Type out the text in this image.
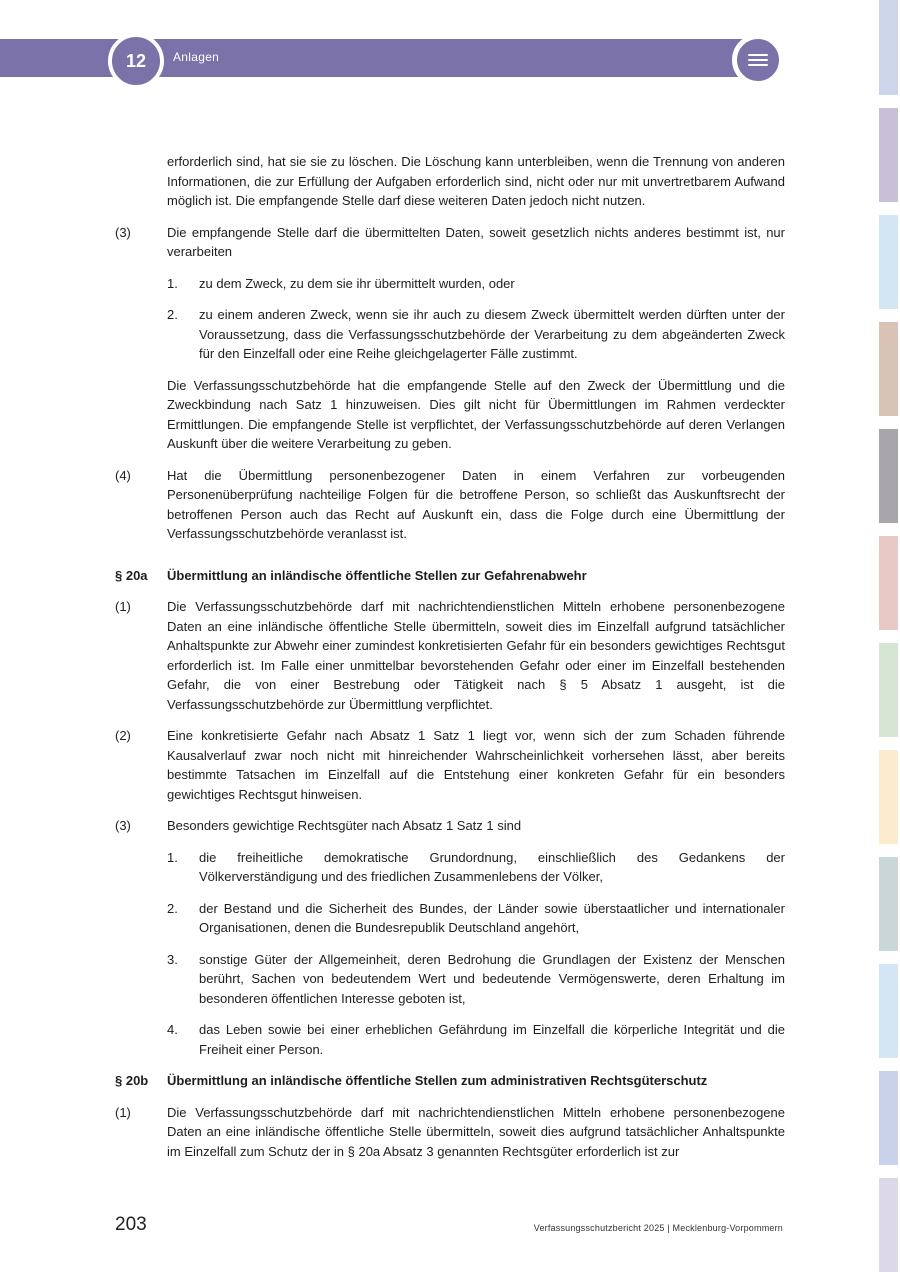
12	Anlagen
erforderlich sind, hat sie sie zu löschen. Die Löschung kann unterbleiben, wenn die Trennung von anderen Informationen, die zur Erfüllung der Aufgaben erforderlich sind, nicht oder nur mit unvertretbarem Aufwand möglich ist. Die empfangende Stelle darf diese weiteren Daten jedoch nicht nutzen.
(3)	Die empfangende Stelle darf die übermittelten Daten, soweit gesetzlich nichts anderes bestimmt ist, nur verarbeiten
1.	zu dem Zweck, zu dem sie ihr übermittelt wurden, oder
2.	zu einem anderen Zweck, wenn sie ihr auch zu diesem Zweck übermittelt werden dürften unter der Voraussetzung, dass die Verfassungsschutzbehörde der Verarbeitung zu dem abgeänderten Zweck für den Einzelfall oder eine Reihe gleichgelagerter Fälle zustimmt.
Die Verfassungsschutzbehörde hat die empfangende Stelle auf den Zweck der Übermittlung und die Zweckbindung nach Satz 1 hinzuweisen. Dies gilt nicht für Übermittlungen im Rahmen verdeckter Ermittlungen. Die empfangende Stelle ist verpflichtet, der Verfassungsschutzbehörde auf deren Verlangen Auskunft über die weitere Verarbeitung zu geben.
(4)	Hat die Übermittlung personenbezogener Daten in einem Verfahren zur vorbeugenden Personenüberprüfung nachteilige Folgen für die betroffene Person, so schließt das Auskunftsrecht der betroffenen Person auch das Recht auf Auskunft ein, dass die Folge durch eine Übermittlung der Verfassungsschutzbehörde veranlasst ist.
§ 20a	Übermittlung an inländische öffentliche Stellen zur Gefahrenabwehr
(1)	Die Verfassungsschutzbehörde darf mit nachrichtendienstlichen Mitteln erhobene personenbezogene Daten an eine inländische öffentliche Stelle übermitteln, soweit dies im Einzelfall aufgrund tatsächlicher Anhaltspunkte zur Abwehr einer zumindest konkretisierten Gefahr für ein besonders gewichtiges Rechtsgut erforderlich ist. Im Falle einer unmittelbar bevorstehenden Gefahr oder einer im Einzelfall bestehenden Gefahr, die von einer Bestrebung oder Tätigkeit nach § 5 Absatz 1 ausgeht, ist die Verfassungsschutzbehörde zur Übermittlung verpflichtet.
(2)	Eine konkretisierte Gefahr nach Absatz 1 Satz 1 liegt vor, wenn sich der zum Schaden führende Kausalverlauf zwar noch nicht mit hinreichender Wahrscheinlichkeit vorhersehen lässt, aber bereits bestimmte Tatsachen im Einzelfall auf die Entstehung einer konkreten Gefahr für ein besonders gewichtiges Rechtsgut hinweisen.
(3)	Besonders gewichtige Rechtsgüter nach Absatz 1 Satz 1 sind
1.	die freiheitliche demokratische Grundordnung, einschließlich des Gedankens der Völkerverständigung und des friedlichen Zusammenlebens der Völker,
2.	der Bestand und die Sicherheit des Bundes, der Länder sowie überstaatlicher und internationaler Organisationen, denen die Bundesrepublik Deutschland angehört,
3.	sonstige Güter der Allgemeinheit, deren Bedrohung die Grundlagen der Existenz der Menschen berührt, Sachen von bedeutendem Wert und bedeutende Vermögenswerte, deren Erhaltung im besonderen öffentlichen Interesse geboten ist,
4.	das Leben sowie bei einer erheblichen Gefährdung im Einzelfall die körperliche Integrität und die Freiheit einer Person.
§ 20b	Übermittlung an inländische öffentliche Stellen zum administrativen Rechtsgüterschutz
(1)	Die Verfassungsschutzbehörde darf mit nachrichtendienstlichen Mitteln erhobene personenbezogene Daten an eine inländische öffentliche Stelle übermitteln, soweit dies aufgrund tatsächlicher Anhaltspunkte im Einzelfall zum Schutz der in § 20a Absatz 3 genannten Rechtsgüter erforderlich ist zur
203	Verfassungsschutzbericht 2025 | Mecklenburg-Vorpommern
